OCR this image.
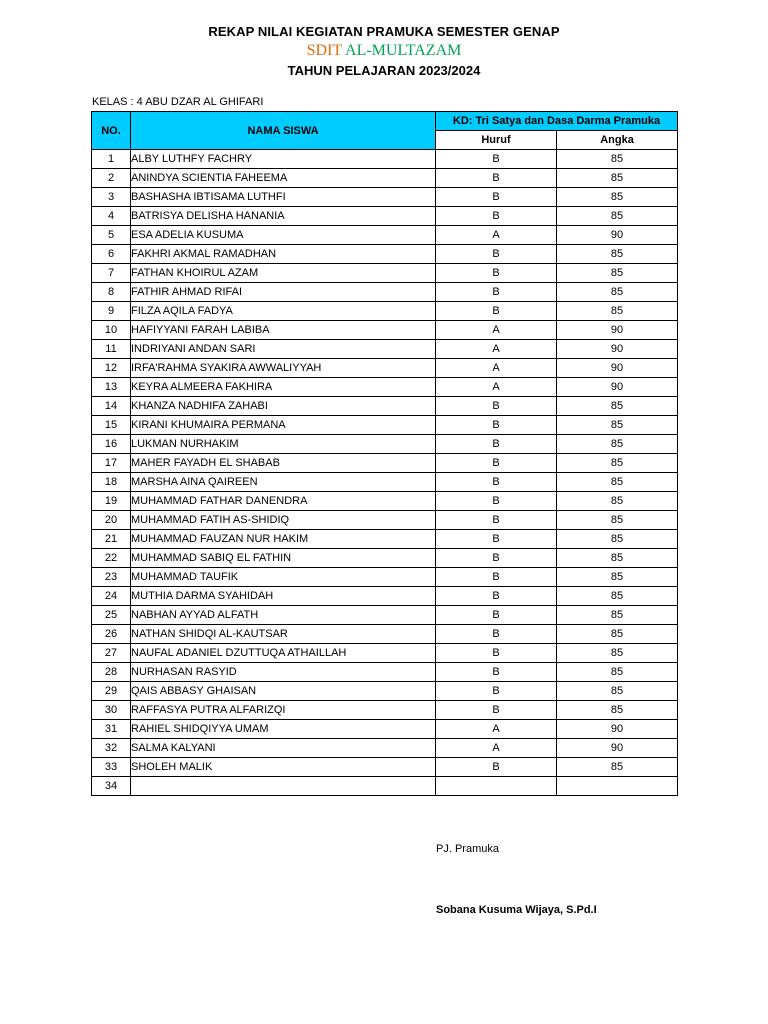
REKAP NILAI KEGIATAN PRAMUKA SEMESTER GENAP
SDIT AL-MULTAZAM
TAHUN PELAJARAN 2023/2024
KELAS : 4 ABU DZAR AL GHIFARI
NO.	NAMA SISWA	KD: Tri Satya dan Dasa Darma Pramuka	
		Huruf	Angka
1	ALBY LUTHFY FACHRY	B	85
2	ANINDYA SCIENTIA FAHEEMA	B	85
3	BASHASHA IBTISAMA LUTHFI	B	85
4	BATRISYA DELISHA HANANIA	B	85
5	ESA ADELIA KUSUMA	A	90
6	FAKHRI AKMAL RAMADHAN	B	85
7	FATHAN KHOIRUL AZAM	B	85
8	FATHIR AHMAD RIFAI	B	85
9	FILZA AQILA FADYA	B	85
10	HAFIYYANI FARAH LABIBA	A	90
11	INDRIYANI ANDAN SARI	A	90
12	IRFA'RAHMA SYAKIRA AWWALIYYAH	A	90
13	KEYRA ALMEERA FAKHIRA	A	90
14	KHANZA NADHIFA ZAHABI	B	85
15	KIRANI KHUMAIRA PERMANA	B	85
16	LUKMAN NURHAKIM	B	85
17	MAHER FAYADH EL SHABAB	B	85
18	MARSHA AINA QAIREEN	B	85
19	MUHAMMAD FATHAR DANENDRA	B	85
20	MUHAMMAD FATIH AS-SHIDIQ	B	85
21	MUHAMMAD FAUZAN NUR HAKIM	B	85
22	MUHAMMAD SABIQ EL FATHIN	B	85
23	MUHAMMAD TAUFIK	B	85
24	MUTHIA DARMA SYAHIDAH	B	85
25	NABHAN AYYAD ALFATH	B	85
26	NATHAN SHIDQI AL-KAUTSAR	B	85
27	NAUFAL ADANIEL DZUTTUQA ATHAILLAH	B	85
28	NURHASAN RASYID	B	85
29	QAIS ABBASY GHAISAN	B	85
30	RAFFASYA PUTRA ALFARIZQI	B	85
31	RAHIEL SHIDQIYYA UMAM	A	90
32	SALMA KALYANI	A	90
33	SHOLEH MALIK	B	85
34			
PJ. Pramuka
Sobana Kusuma Wijaya, S.Pd.I
